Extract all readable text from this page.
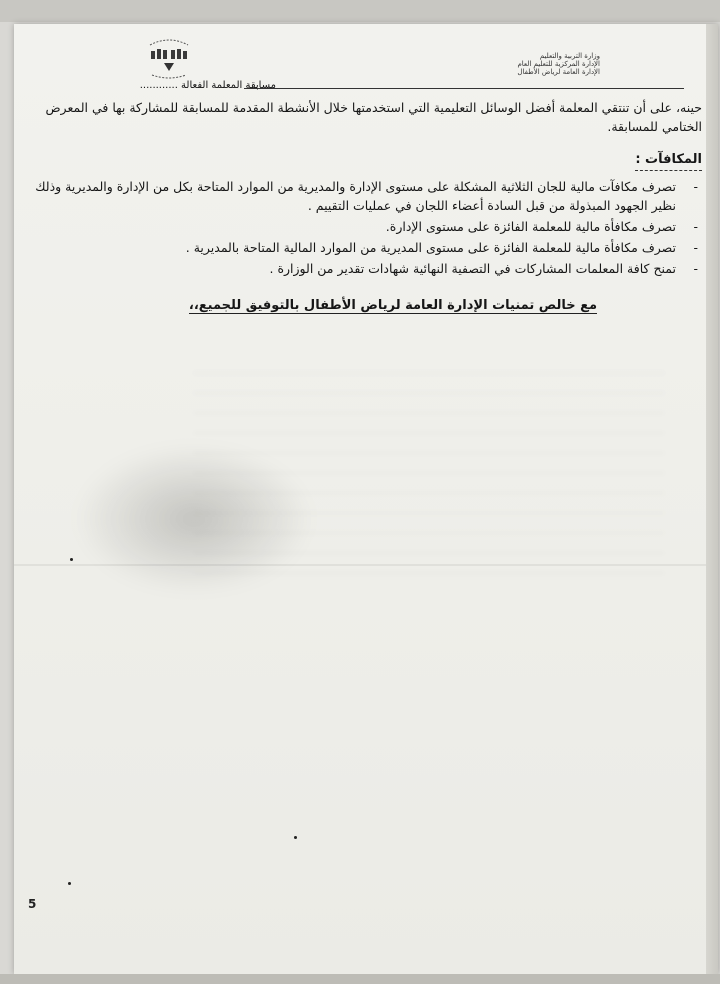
وزارة التربية والتعليم
الإدارة المركزية للتعليم العام
الإدارة العامة لرياض الأطفال
مسابقة المعلمة الفعالة ............

حينه، على أن تنتقي المعلمة أفضل الوسائل التعليمية التي استخدمتها خلال الأنشطة المقدمة للمسابقة للمشاركة بها في المعرض الختامي للمسابقة.

المكافآت :
-
تصرف مكافآت مالية للجان الثلاثية المشكلة على مستوى الإدارة والمديرية من الموارد المتاحة بكل من الإدارة والمديرية وذلك نظير الجهود المبذولة من قبل السادة أعضاء اللجان في عمليات التقييم .
-
تصرف مكافأة مالية للمعلمة الفائزة على مستوى الإدارة.
-
تصرف مكافأة مالية للمعلمة الفائزة على مستوى المديرية من الموارد المالية المتاحة بالمديرية .
-
تمنح كافة المعلمات المشاركات في التصفية النهائية شهادات تقدير من الوزارة .
مع خالص تمنيات الإدارة العامة لرياض الأطفال بالتوفيق للجميع،،
5
